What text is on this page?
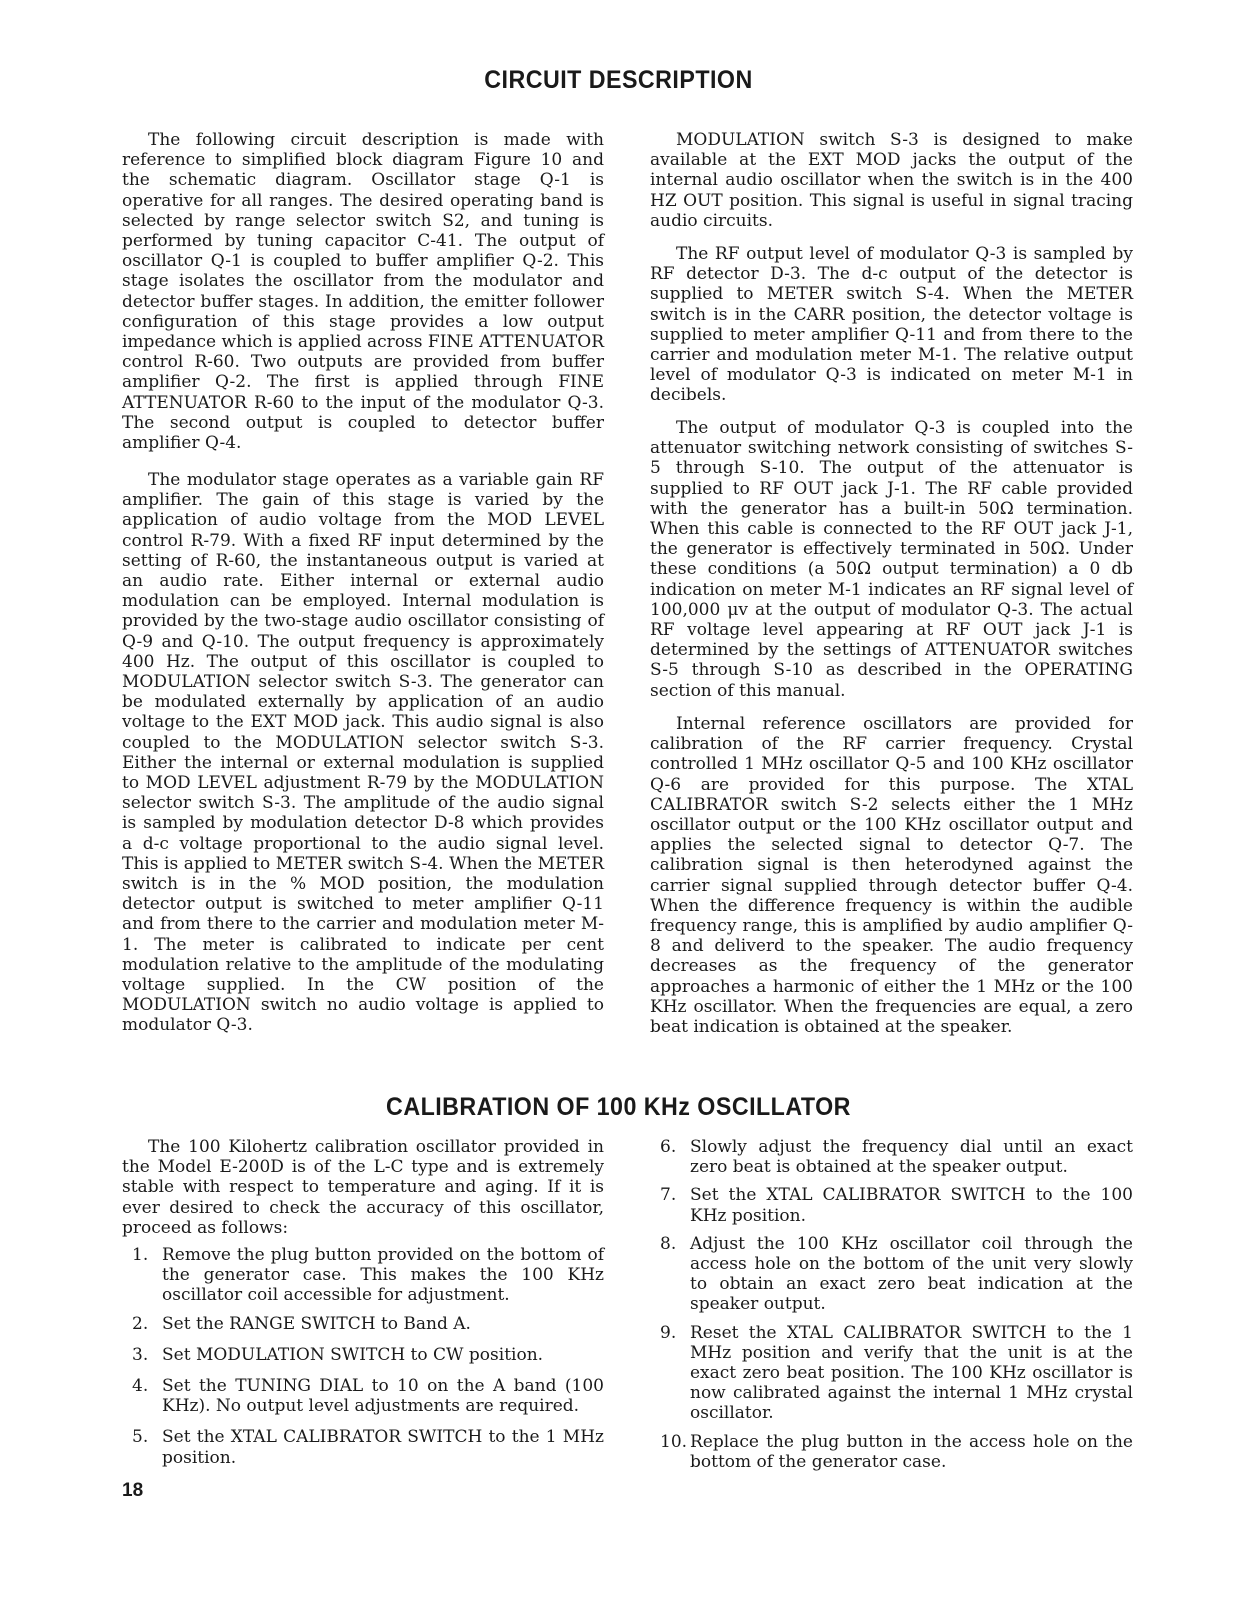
CIRCUIT DESCRIPTION

The following circuit description is made with reference to simplified block diagram Figure 10 and the schematic diagram. Oscillator stage Q-1 is operative for all ranges. The desired operating band is selected by range selector switch S2, and tuning is performed by tuning capacitor C-41. The output of oscillator Q-1 is coupled to buffer amplifier Q-2. This stage isolates the oscillator from the modulator and detector buffer stages. In addition, the emitter follower configuration of this stage provides a low output impedance which is applied across FINE ATTENUATOR control R-60. Two outputs are provided from buffer amplifier Q-2. The first is applied through FINE ATTENUATOR R-60 to the input of the modulator Q-3. The second output is coupled to detector buffer amplifier Q-4.

The modulator stage operates as a variable gain RF amplifier. The gain of this stage is varied by the application of audio voltage from the MOD LEVEL control R-79. With a fixed RF input determined by the setting of R-60, the instantaneous output is varied at an audio rate. Either internal or external audio modulation can be employed. Internal modulation is provided by the two-stage audio oscillator consisting of Q-9 and Q-10. The output frequency is approximately 400 Hz. The output of this oscillator is coupled to MODULATION selector switch S-3. The generator can be modulated externally by application of an audio voltage to the EXT MOD jack. This audio signal is also coupled to the MODULATION selector switch S-3. Either the internal or external modulation is supplied to MOD LEVEL adjustment R-79 by the MODULATION selector switch S-3. The amplitude of the audio signal is sampled by modulation detector D-8 which provides a d-c voltage proportional to the audio signal level. This is applied to METER switch S-4. When the METER switch is in the % MOD position, the modulation detector output is switched to meter amplifier Q-11 and from there to the carrier and modulation meter M-1. The meter is calibrated to indicate per cent modulation relative to the amplitude of the modulating voltage supplied. In the CW position of the MODULATION switch no audio voltage is applied to modulator Q-3.

MODULATION switch S-3 is designed to make available at the EXT MOD jacks the output of the internal audio oscillator when the switch is in the 400 HZ OUT position. This signal is useful in signal tracing audio circuits.

The RF output level of modulator Q-3 is sampled by RF detector D-3. The d-c output of the detector is supplied to METER switch S-4. When the METER switch is in the CARR position, the detector voltage is supplied to meter amplifier Q-11 and from there to the carrier and modulation meter M-1. The relative output level of modulator Q-3 is indicated on meter M-1 in decibels.

The output of modulator Q-3 is coupled into the attenuator switching network consisting of switches S-5 through S-10. The output of the attenuator is supplied to RF OUT jack J-1. The RF cable provided with the generator has a built-in 50Ω termination. When this cable is connected to the RF OUT jack J-1, the generator is effectively terminated in 50Ω. Under these conditions (a 50Ω output termination) a 0 db indication on meter M-1 indicates an RF signal level of 100,000 μv at the output of modulator Q-3. The actual RF voltage level appearing at RF OUT jack J-1 is determined by the settings of ATTENUATOR switches S-5 through S-10 as described in the OPERATING section of this manual.

Internal reference oscillators are provided for calibration of the RF carrier frequency. Crystal controlled 1 MHz oscillator Q-5 and 100 KHz oscillator Q-6 are provided for this purpose. The XTAL CALIBRATOR switch S-2 selects either the 1 MHz oscillator output or the 100 KHz oscillator output and applies the selected signal to detector Q-7. The calibration signal is then heterodyned against the carrier signal supplied through detector buffer Q-4. When the difference frequency is within the audible frequency range, this is amplified by audio amplifier Q-8 and deliverd to the speaker. The audio frequency decreases as the frequency of the generator approaches a harmonic of either the 1 MHz or the 100 KHz oscillator. When the frequencies are equal, a zero beat indication is obtained at the speaker.

CALIBRATION OF 100 KHz OSCILLATOR

The 100 Kilohertz calibration oscillator provided in the Model E-200D is of the L-C type and is extremely stable with respect to temperature and aging. If it is ever desired to check the accuracy of this oscillator, proceed as follows:

1. Remove the plug button provided on the bottom of the generator case. This makes the 100 KHz oscillator coil accessible for adjustment.
2. Set the RANGE SWITCH to Band A.
3. Set MODULATION SWITCH to CW position.
4. Set the TUNING DIAL to 10 on the A band (100 KHz). No output level adjustments are required.
5. Set the XTAL CALIBRATOR SWITCH to the 1 MHz position.
6. Slowly adjust the frequency dial until an exact zero beat is obtained at the speaker output.
7. Set the XTAL CALIBRATOR SWITCH to the 100 KHz position.
8. Adjust the 100 KHz oscillator coil through the access hole on the bottom of the unit very slowly to obtain an exact zero beat indication at the speaker output.
9. Reset the XTAL CALIBRATOR SWITCH to the 1 MHz position and verify that the unit is at the exact zero beat position. The 100 KHz oscillator is now calibrated against the internal 1 MHz crystal oscillator.
10. Replace the plug button in the access hole on the bottom of the generator case.
18
